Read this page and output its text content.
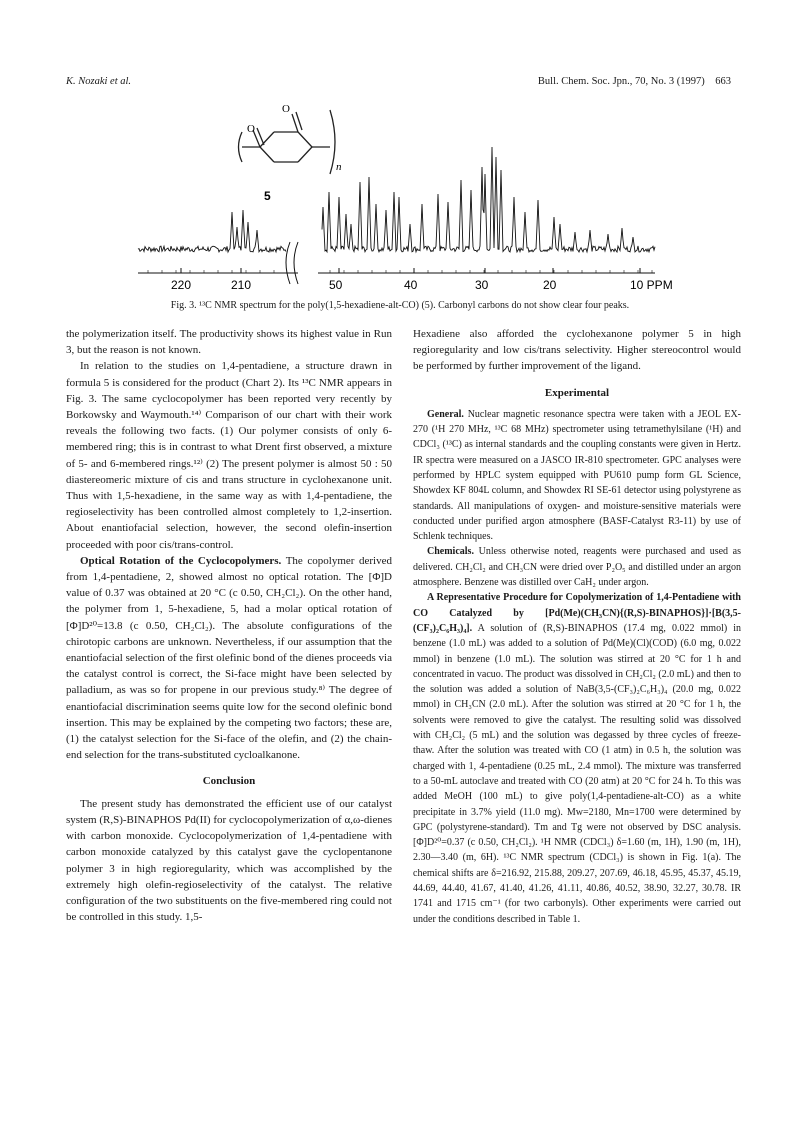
K. Nozaki et al.	Bull. Chem. Soc. Jpn., 70, No. 3 (1997) 663
O
O
n
5
220	210	50	40	30	20	10 PPM
Fig. 3. ¹³C NMR spectrum for the poly(1,5-hexadiene-alt-CO) (5). Carbonyl carbons do not show clear four peaks.

the polymerization itself. The productivity shows its highest value in Run 3, but the reason is not known.

In relation to the studies on 1,4-pentadiene, a structure drawn in formula 5 is considered for the product (Chart 2). Its ¹³C NMR appears in Fig. 3. The same cyclocopolymer has been reported very recently by Borkowsky and Waymouth.¹⁴⁾ Comparison of our chart with their work reveals the following two facts. (1) Our polymer consists of only 6-membered ring; this is in contrast to what Drent first observed, a mixture of 5- and 6-membered rings.¹²⁾ (2) The present polymer is almost 50 : 50 diastereomeric mixture of cis and trans structure in cyclohexanone unit. Thus with 1,5-hexadiene, in the same way as with 1,4-pentadiene, the regioselectivity has been controlled almost completely to 1,2-insertion. About enantiofacial selection, however, the second olefin-insertion proceeded with poor cis/trans-control.

Optical Rotation of the Cyclocopolymers. The copolymer derived from 1,4-pentadiene, 2, showed almost no optical rotation. The [Φ]D value of 0.37 was obtained at 20 °C (c 0.50, CH₂Cl₂). On the other hand, the polymer from 1, 5-hexadiene, 5, had a molar optical rotation of [Φ]D²⁰=13.8 (c 0.50, CH₂Cl₂). The absolute configurations of the chirotopic carbons are unknown. Nevertheless, if our assumption that the enantiofacial selection of the first olefinic bond of the dienes proceeds via the catalyst control is correct, the Si-face might have been selected by palladium, as was so for propene in our previous study.⁸⁾ The degree of enantiofacial discrimination seems quite low for the second olefinic bond insertion. This may be explained by the competing two factors; these are, (1) the catalyst selection for the Si-face of the olefin, and (2) the chain-end selection for the trans-substituted cycloalkanone.

Conclusion

The present study has demonstrated the efficient use of our catalyst system (R,S)-BINAPHOS Pd(II) for cyclocopolymerization of α,ω-dienes with carbon monoxide. Cyclocopolymerization of 1,4-pentadiene with carbon monoxide catalyzed by this catalyst gave the cyclopentanone polymer 3 in high regioregularity, which was accomplished by the extremely high olefin-regioselectivity of the catalyst. The relative configuration of the two substituents on the five-membered ring could not be controlled in this study. 1,5-

Hexadiene also afforded the cyclohexanone polymer 5 in high regioregularity and low cis/trans selectivity. Higher stereocontrol would be performed by further improvement of the ligand.

Experimental

General. Nuclear magnetic resonance spectra were taken with a JEOL EX-270 (¹H 270 MHz, ¹³C 68 MHz) spectrometer using tetramethylsilane (¹H) and CDCl₃ (¹³C) as internal standards and the coupling constants were given in Hertz. IR spectra were measured on a JASCO IR-810 spectrometer. GPC analyses were performed by HPLC system equipped with PU610 pump form GL Science, Showdex KF 804L column, and Showdex RI SE-61 detector using polystyrene as standards. All manipulations of oxygen- and moisture-sensitive materials were conducted under purified argon atmosphere (BASF-Catalyst R3-11) by use of Schlenk techniques.

Chemicals. Unless otherwise noted, reagents were purchased and used as delivered. CH₂Cl₂ and CH₃CN were dried over P₂O₅ and distilled under an argon atmosphere. Benzene was distilled over CaH₂ under argon.

A Representative Procedure for Copolymerization of 1,4-Pentadiene with CO Catalyzed by [Pd(Me)(CH₃CN){(R,S)-BINAPHOS}]·[B(3,5-(CF₃)₂C₆H₃)₄]. A solution of (R,S)-BINAPHOS (17.4 mg, 0.022 mmol) in benzene (1.0 mL) was added to a solution of Pd(Me)(Cl)(COD) (6.0 mg, 0.022 mmol) in benzene (1.0 mL). The solution was stirred at 20 °C for 1 h and concentrated in vacuo. The product was dissolved in CH₂Cl₂ (2.0 mL) and then to the solution was added a solution of NaB(3,5-(CF₃)₂C₆H₃)₄ (20.0 mg, 0.022 mmol) in CH₃CN (2.0 mL). After the solution was stirred at 20 °C for 1 h, the solvents were removed to give the catalyst. The resulting solid was dissolved with CH₂Cl₂ (5 mL) and the solution was degassed by three cycles of freeze-thaw. After the solution was treated with CO (1 atm) in 0.5 h, the solution was charged with 1, 4-pentadiene (0.25 mL, 2.4 mmol). The mixture was transferred to a 50-mL autoclave and treated with CO (20 atm) at 20 °C for 24 h. To this was added MeOH (100 mL) to give poly(1,4-pentadiene-alt-CO) as a white precipitate in 3.7% yield (11.0 mg). Mw=2180, Mn=1700 were determined by GPC (polystyrene-standard). Tm and Tg were not observed by DSC analysis. [Φ]D²⁰=0.37 (c 0.50, CH₂Cl₂). ¹H NMR (CDCl₃) δ=1.60 (m, 1H), 1.90 (m, 1H), 2.30—3.40 (m, 6H). ¹³C NMR spectrum (CDCl₃) is shown in Fig. 1(a). The chemical shifts are δ=216.92, 215.88, 209.27, 207.69, 46.18, 45.95, 45.37, 45.19, 44.69, 44.40, 41.67, 41.40, 41.26, 41.11, 40.86, 40.52, 38.90, 32.27, 30.78. IR 1741 and 1715 cm⁻¹ (for two carbonyls). Other experiments were carried out under the conditions described in Table 1.
